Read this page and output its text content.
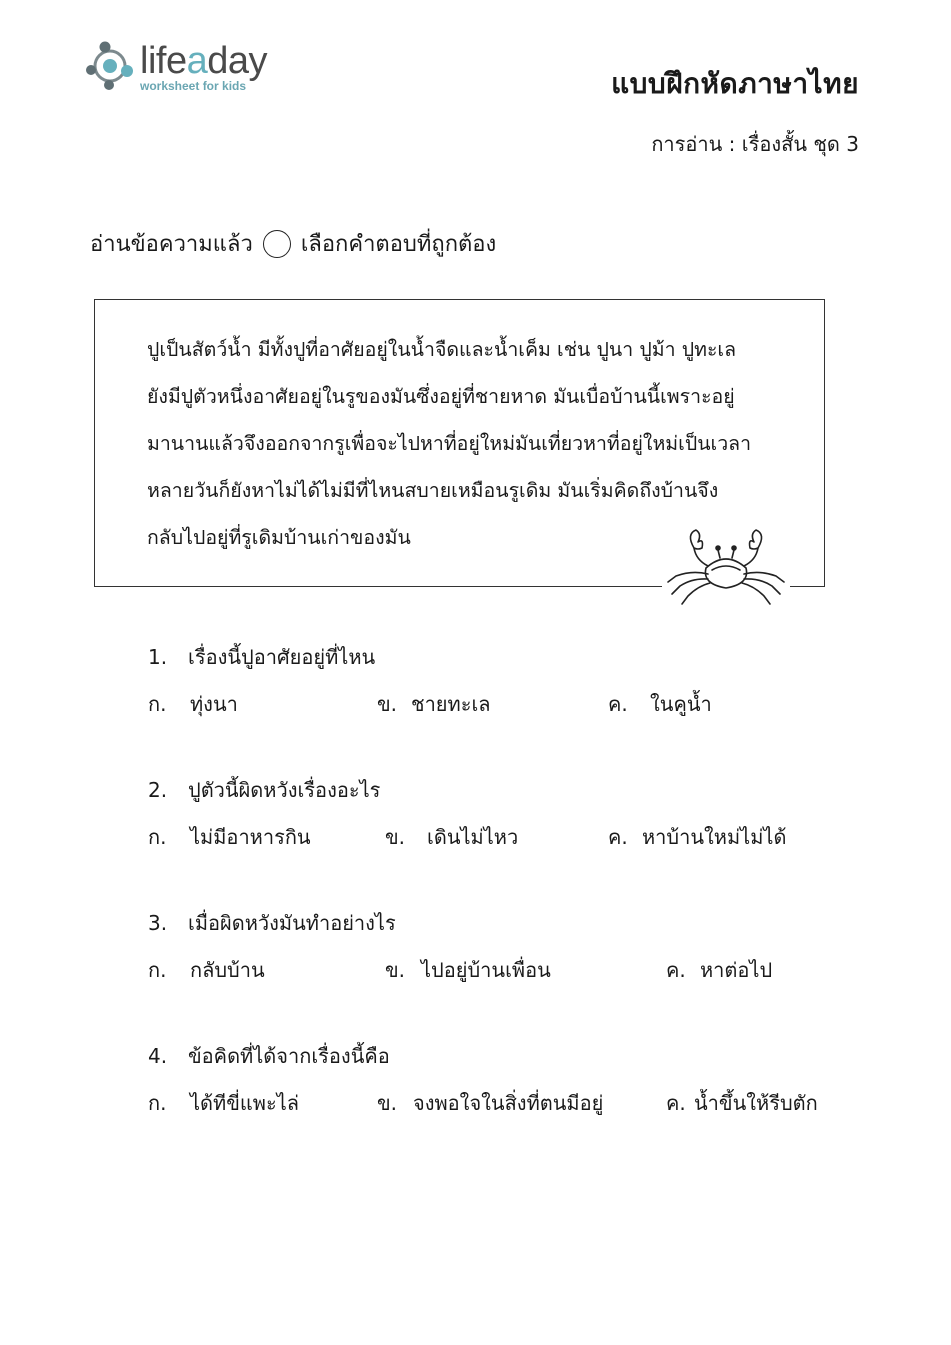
lifeaday
worksheet for kids	แบบฝึกหัดภาษาไทย
การอ่าน : เรื่องสั้น ชุด 3
อ่านข้อความแล้ว เลือกคำตอบที่ถูกต้อง
ปูเป็นสัตว์น้ำ มีทั้งปูที่อาศัยอยู่ในน้ำจืดและน้ำเค็ม เช่น ปูนา ปูม้า ปูทะเล
ยังมีปูตัวหนึ่งอาศัยอยู่ในรูของมันซึ่งอยู่ที่ชายหาด มันเบื่อบ้านนี้เพราะอยู่
มานานแล้วจึงออกจากรูเพื่อจะไปหาที่อยู่ใหม่มันเที่ยวหาที่อยู่ใหม่เป็นเวลา
หลายวันก็ยังหาไม่ได้ไม่มีที่ไหนสบายเหมือนรูเดิม มันเริ่มคิดถึงบ้านจึง
กลับไปอยู่ที่รูเดิมบ้านเก่าของมัน
1. เรื่องนี้ปูอาศัยอยู่ที่ไหน
ก. ทุ่งนา	ข. ชายทะเล	ค. ในคูน้ำ
2. ปูตัวนี้ผิดหวังเรื่องอะไร
ก. ไม่มีอาหารกิน	ข. เดินไม่ไหว	ค. หาบ้านใหม่ไม่ได้
3. เมื่อผิดหวังมันทำอย่างไร
ก. กลับบ้าน	ข. ไปอยู่บ้านเพื่อน	ค. หาต่อไป
4. ข้อคิดที่ได้จากเรื่องนี้คือ
ก. ได้ทีขี่แพะไล่	ข. จงพอใจในสิ่งที่ตนมีอยู่	ค. น้ำขึ้นให้รีบตัก
